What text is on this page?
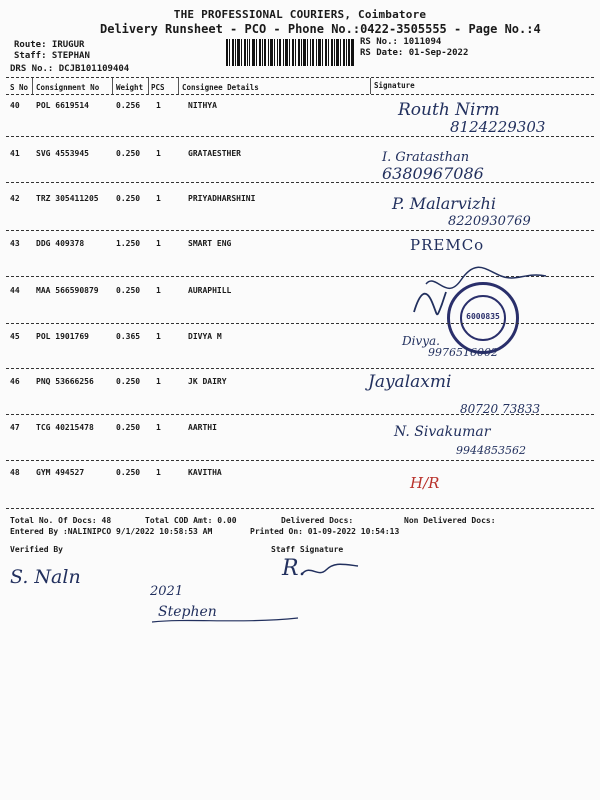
THE PROFESSIONAL COURIERS, Coimbatore
Delivery Runsheet - PCO - Phone No.:0422-3505555 - Page No.:4
Route: IRUGUR
Staff: STEPHAN
DRS No.: DCJB101109404
RS No.: 1011094
RS Date: 01-Sep-2022
S No Consignment No Weight PCS Consignee Details	Signature
40 POL 6619514	0.256 1	NITHYA	Routh Nirm
8124229303
41 SVG 4553945	0.250 1	GRATAESTHER	I. Gratasthan
6380967086
42 TRZ 305411205 0.250 1	PRIYADHARSHINI	P. Malarvizhi
8220930769
43 DDG 409378	1.250 1	SMART ENG	PREMCo
44 MAA 566590879 0.250 1	AURAPHILL
6000835
45 POL 1901769	0.365 1	DIVYA M	Divya.
9976516002
46 PNQ 53666256	0.250 1	JK DAIRY	Jayalaxmi
80720 73833
47 TCG 40215478	0.250 1	AARTHI	N. Sivakumar
9944853562
48 GYM 494527	0.250 1	KAVITHA
H/R
Total No. Of Docs: 48	Total COD Amt: 0.00	Delivered Docs:	Non Delivered Docs:
Entered By :NALINIPCO 9/1/2022 10:58:53 AM	Printed On: 01-09-2022 10:54:13
Verified By	Staff Signature
S. Naln	R.
2021
Stephen
